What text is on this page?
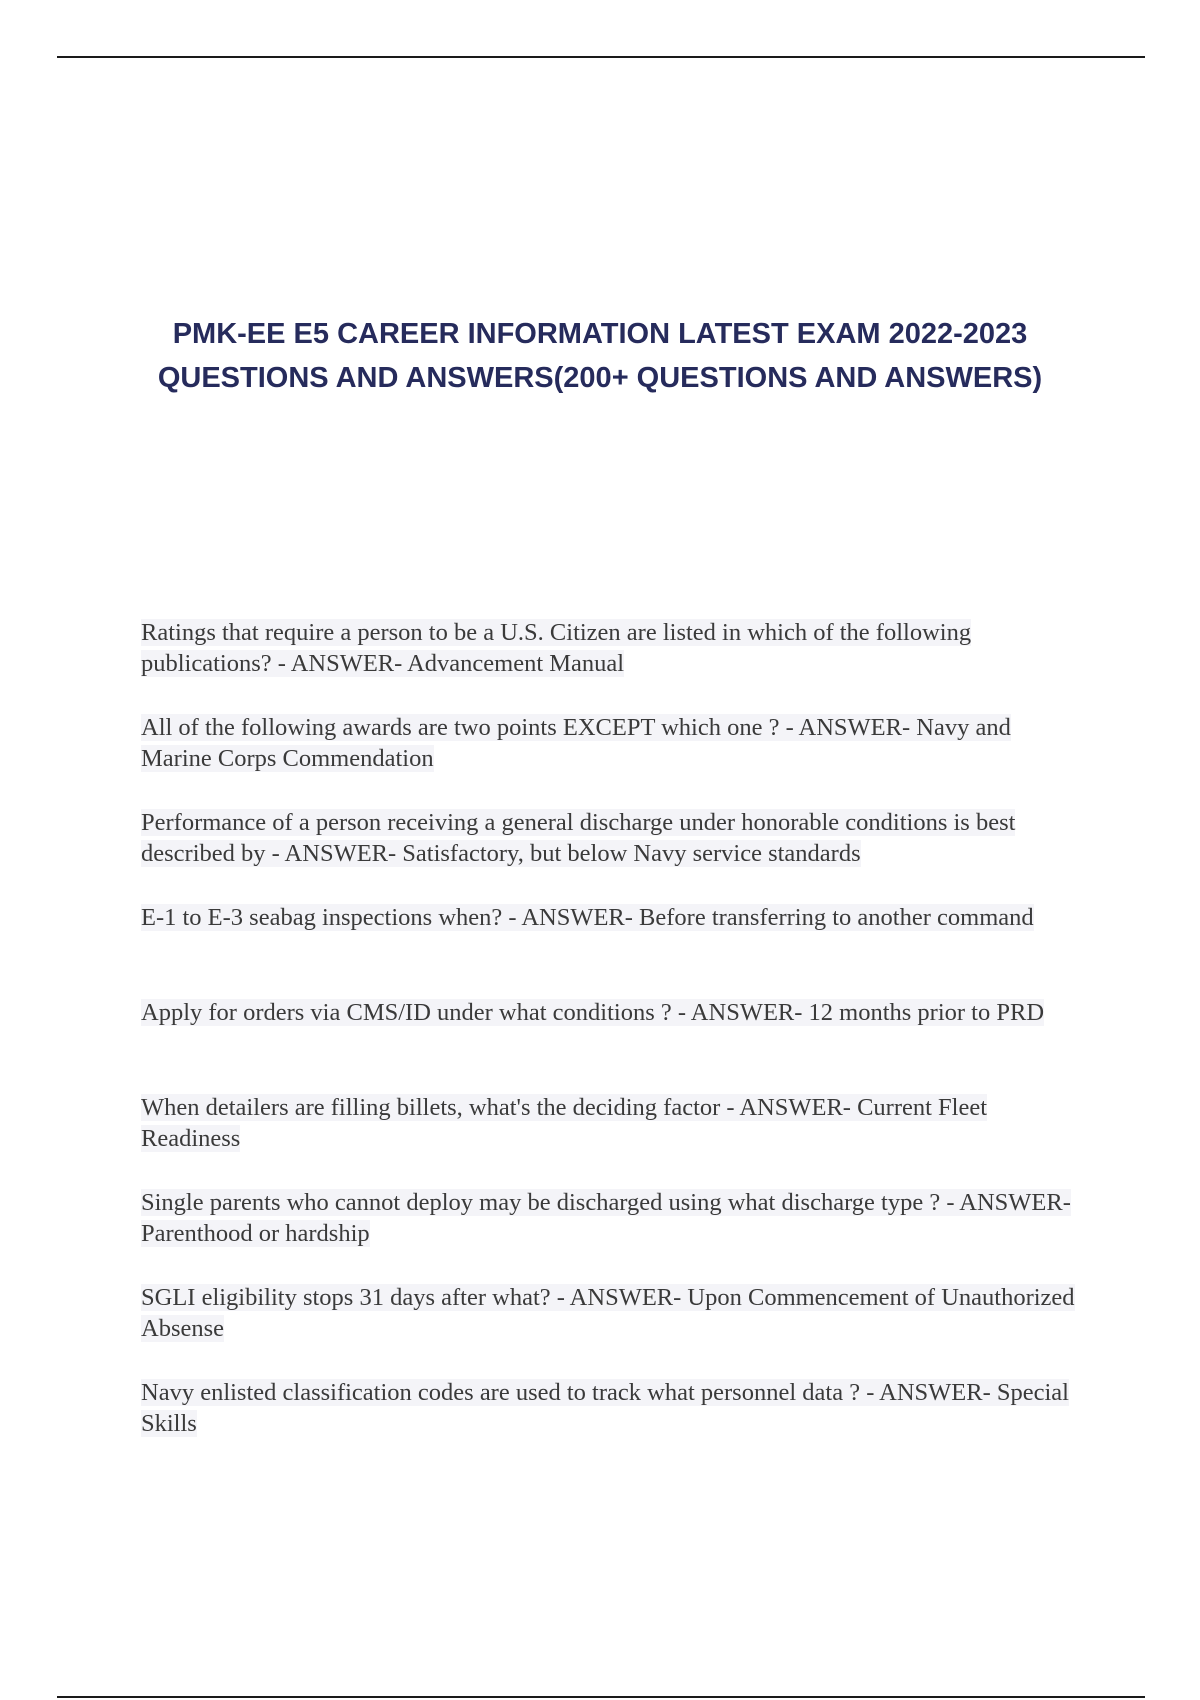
PMK-EE E5 CAREER INFORMATION LATEST EXAM 2022-2023 QUESTIONS AND ANSWERS(200+ QUESTIONS AND ANSWERS)
Ratings that require a person to be a U.S. Citizen are listed in which of the following publications? - ANSWER- Advancement Manual
All of the following awards are two points EXCEPT which one ? - ANSWER- Navy and Marine Corps Commendation
Performance of a person receiving a general discharge under honorable conditions is best described by - ANSWER- Satisfactory, but below Navy service standards
E-1 to E-3 seabag inspections when? - ANSWER- Before transferring to another command
Apply for orders via CMS/ID under what conditions ? - ANSWER- 12 months prior to PRD
When detailers are filling billets, what's the deciding factor - ANSWER- Current Fleet Readiness
Single parents who cannot deploy may be discharged using what discharge type ? - ANSWER- Parenthood or hardship
SGLI eligibility stops 31 days after what? - ANSWER- Upon Commencement of Unauthorized Absense
Navy enlisted classification codes are used to track what personnel data ? - ANSWER- Special Skills
